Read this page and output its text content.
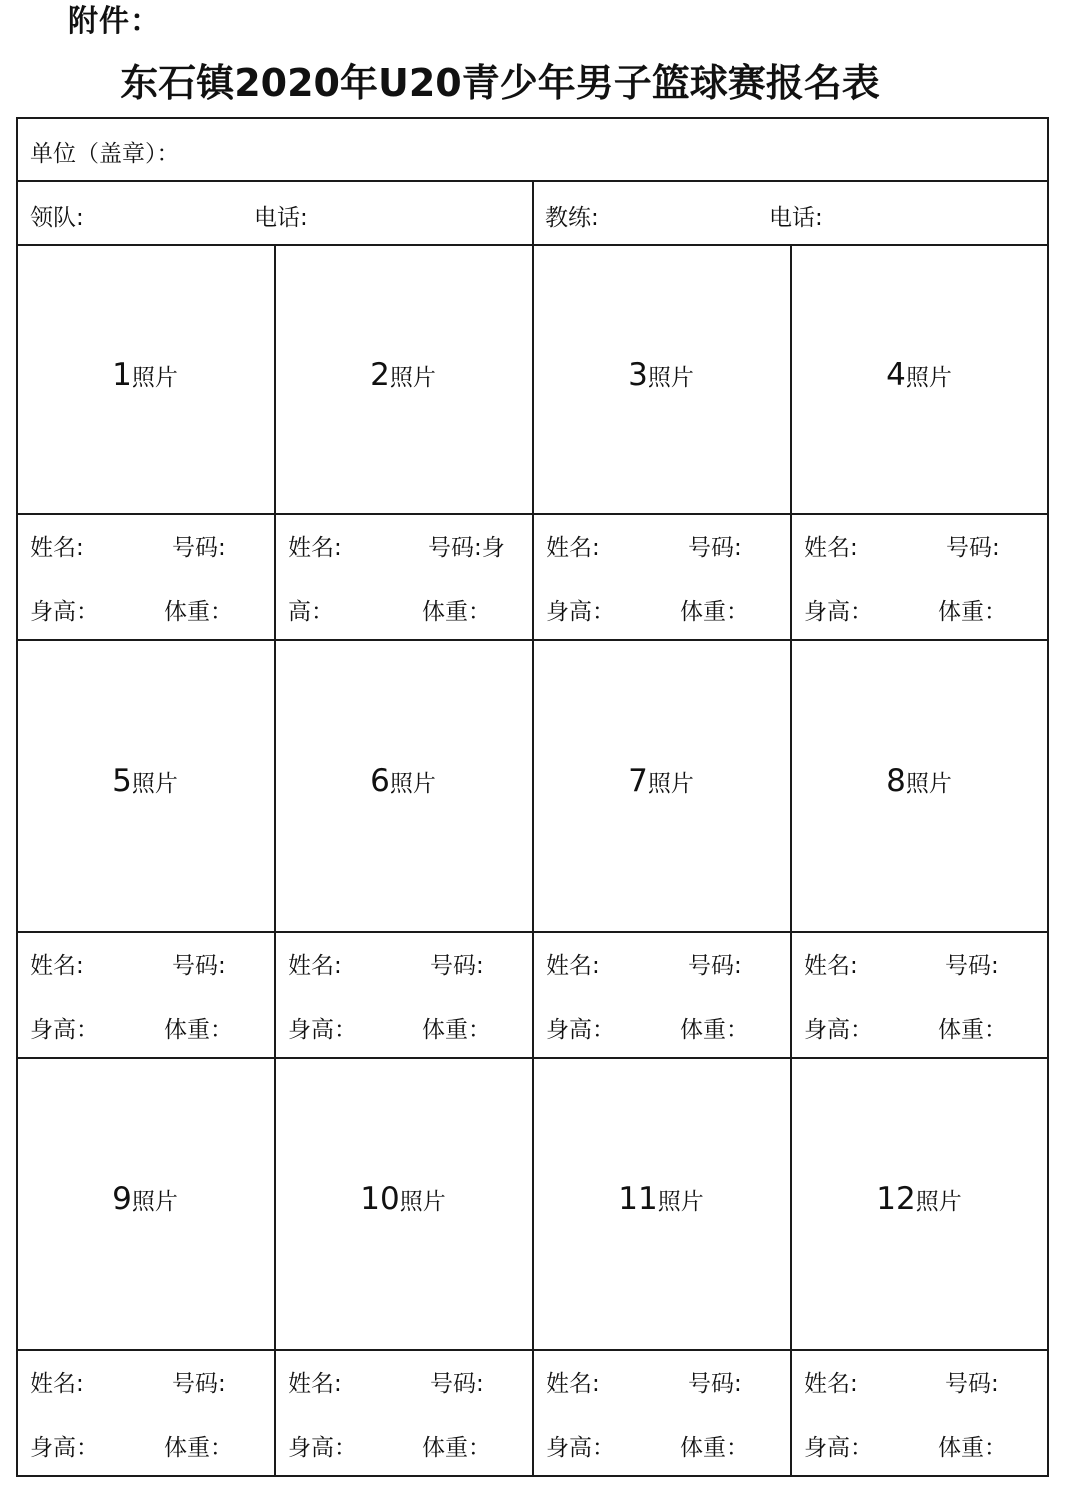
附件：
东石镇2020年U20青少年男子篮球赛报名表
单位（盖章）：
领队:	电话:	教练:	电话:
1照片
姓名:	号码:
身高：	体重：
2照片
姓名:	号码:身
高：	体重：
3照片
姓名:	号码:
身高：	体重：
4照片
姓名:	号码:
身高：	体重：
5照片
姓名:	号码:
身高：	体重：
6照片
姓名:	号码:
身高：	体重：
7照片
姓名:	号码:
身高：	体重：
8照片
姓名:	号码:
身高：	体重：
9照片
姓名:	号码:
身高：	体重：
10照片
姓名:	号码:
身高：	体重：
11照片
姓名:	号码:
身高：	体重：
12照片
姓名:	号码:
身高：	体重：
